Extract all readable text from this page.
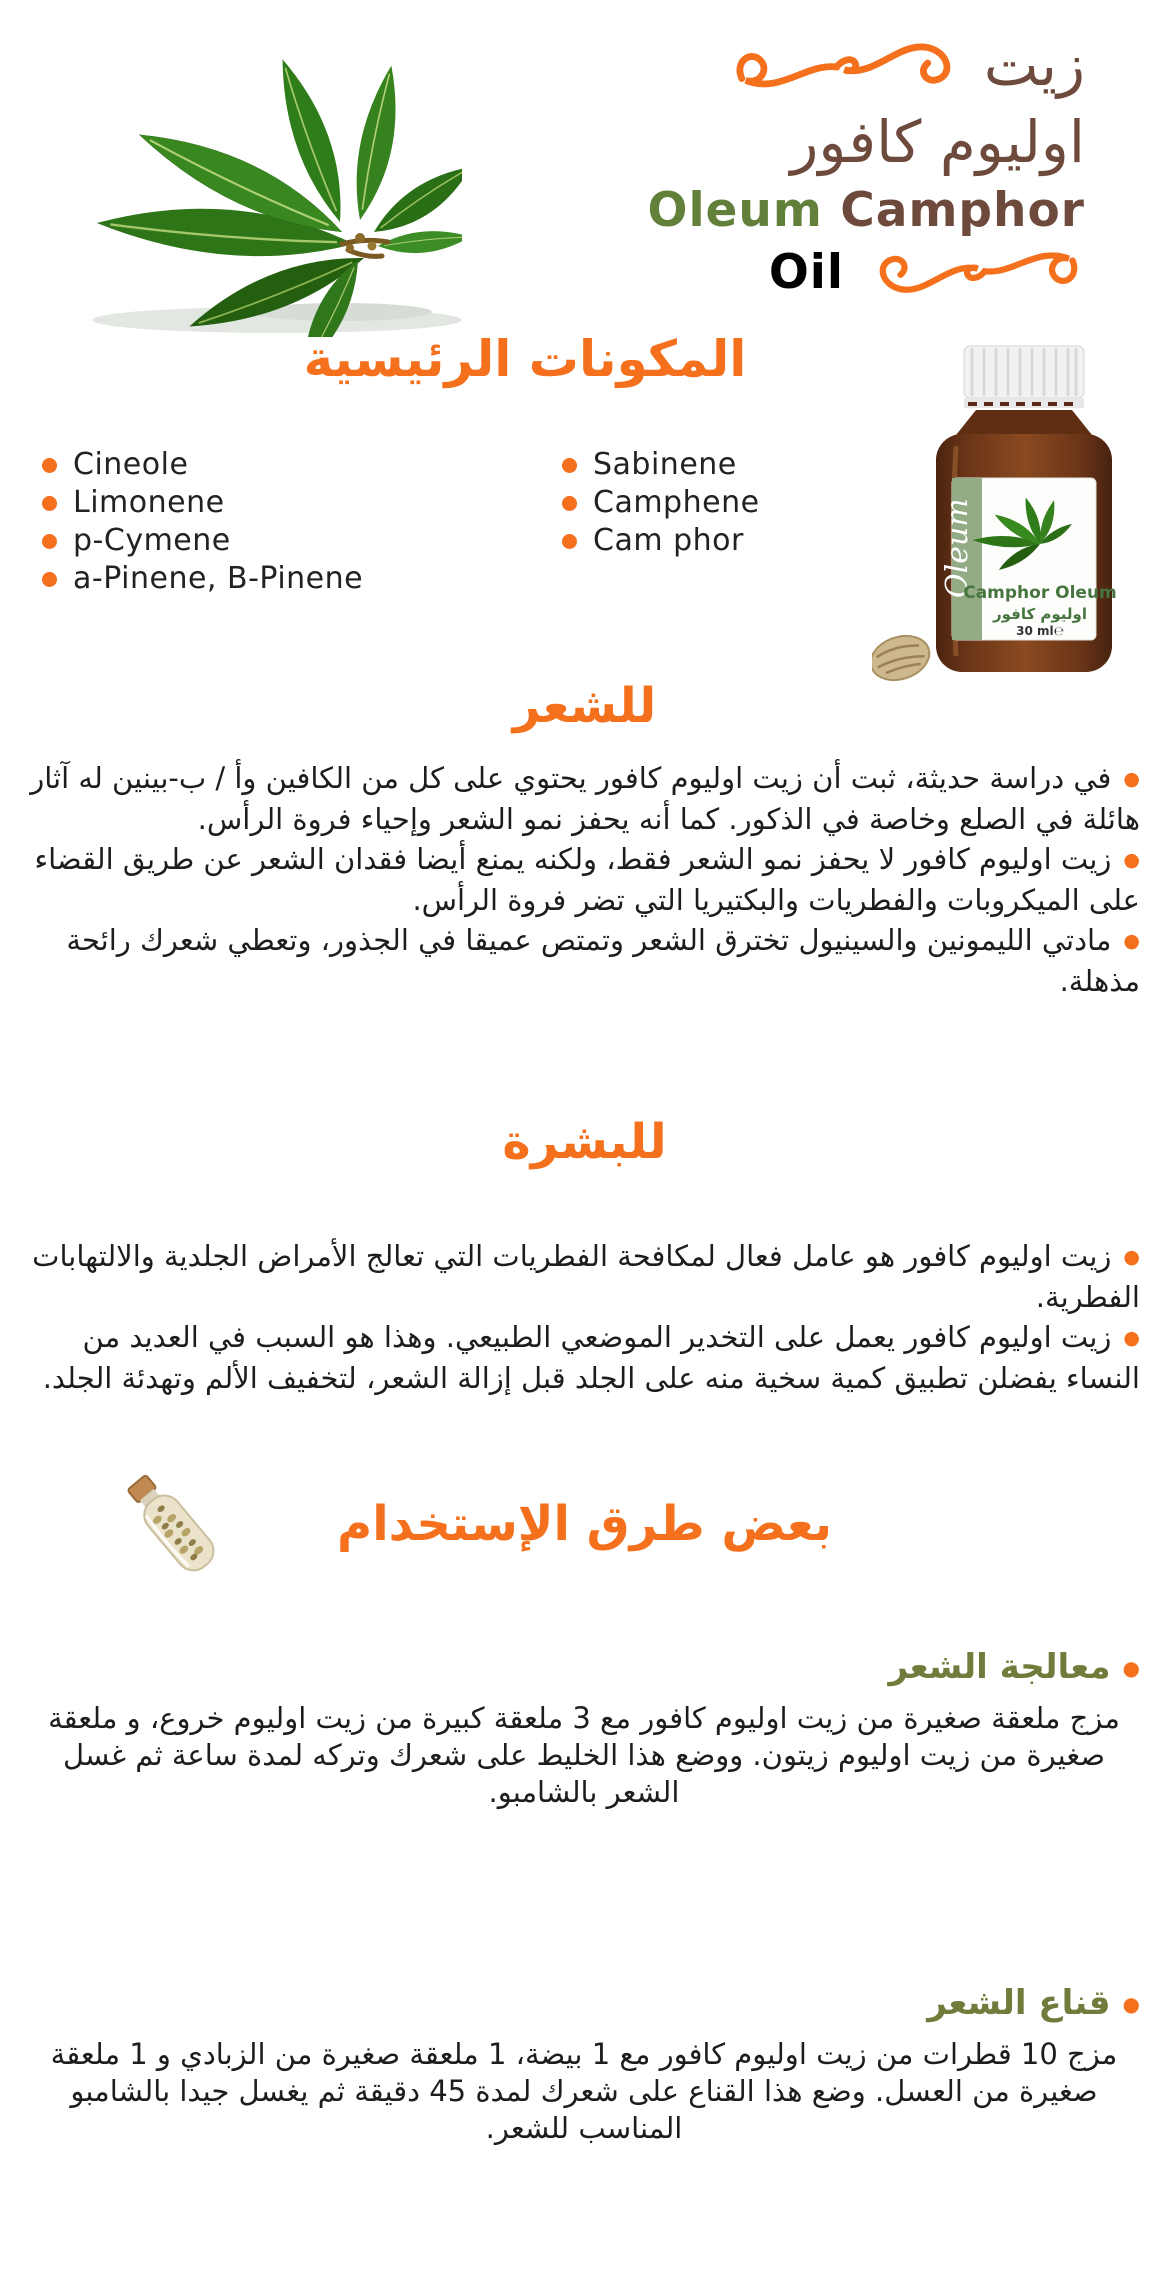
زيت
اوليوم كافور
Oleum Camphor
Oil
المكونات الرئيسية
Cineole
Limonene
p-Cymene
a-Pinene, B-Pinene
Sabinene
Camphene
Cam phor	Oleum
Camphor Oleum
اوليوم كافور
30 ml℮
للشعر

● في دراسة حديثة، ثبت أن زيت اوليوم كافور يحتوي على كل من الكافين وأ / ب-بينين له آثار هائلة في الصلع وخاصة في الذكور. كما أنه يحفز نمو الشعر وإحياء فروة الرأس.

● زيت اوليوم كافور لا يحفز نمو الشعر فقط، ولكنه يمنع أيضا فقدان الشعر عن طريق القضاء على الميكروبات والفطريات والبكتيريا التي تضر فروة الرأس.

● مادتي الليمونين والسينيول تخترق الشعر وتمتص عميقا في الجذور، وتعطي شعرك رائحة مذهلة.

للبشرة

● زيت اوليوم كافور هو عامل فعال لمكافحة الفطريات التي تعالج الأمراض الجلدية والالتهابات الفطرية.

● زيت اوليوم كافور يعمل على التخدير الموضعي الطبيعي. وهذا هو السبب في العديد من النساء يفضلن تطبيق كمية سخية منه على الجلد قبل إزالة الشعر، لتخفيف الألم وتهدئة الجلد.

بعض طرق الإستخدام
● معالجة الشعر
مزج ملعقة صغيرة من زيت اوليوم كافور مع 3 ملعقة كبيرة من زيت اوليوم خروع، و ملعقة صغيرة من زيت اوليوم زيتون. ووضع هذا الخليط على شعرك وتركه لمدة ساعة ثم غسل الشعر بالشامبو.
● قناع الشعر
مزج 10 قطرات من زيت اوليوم كافور مع 1 بيضة، 1 ملعقة صغيرة من الزبادي و 1 ملعقة صغيرة من العسل. وضع هذا القناع على شعرك لمدة 45 دقيقة ثم يغسل جيدا بالشامبو المناسب للشعر.
